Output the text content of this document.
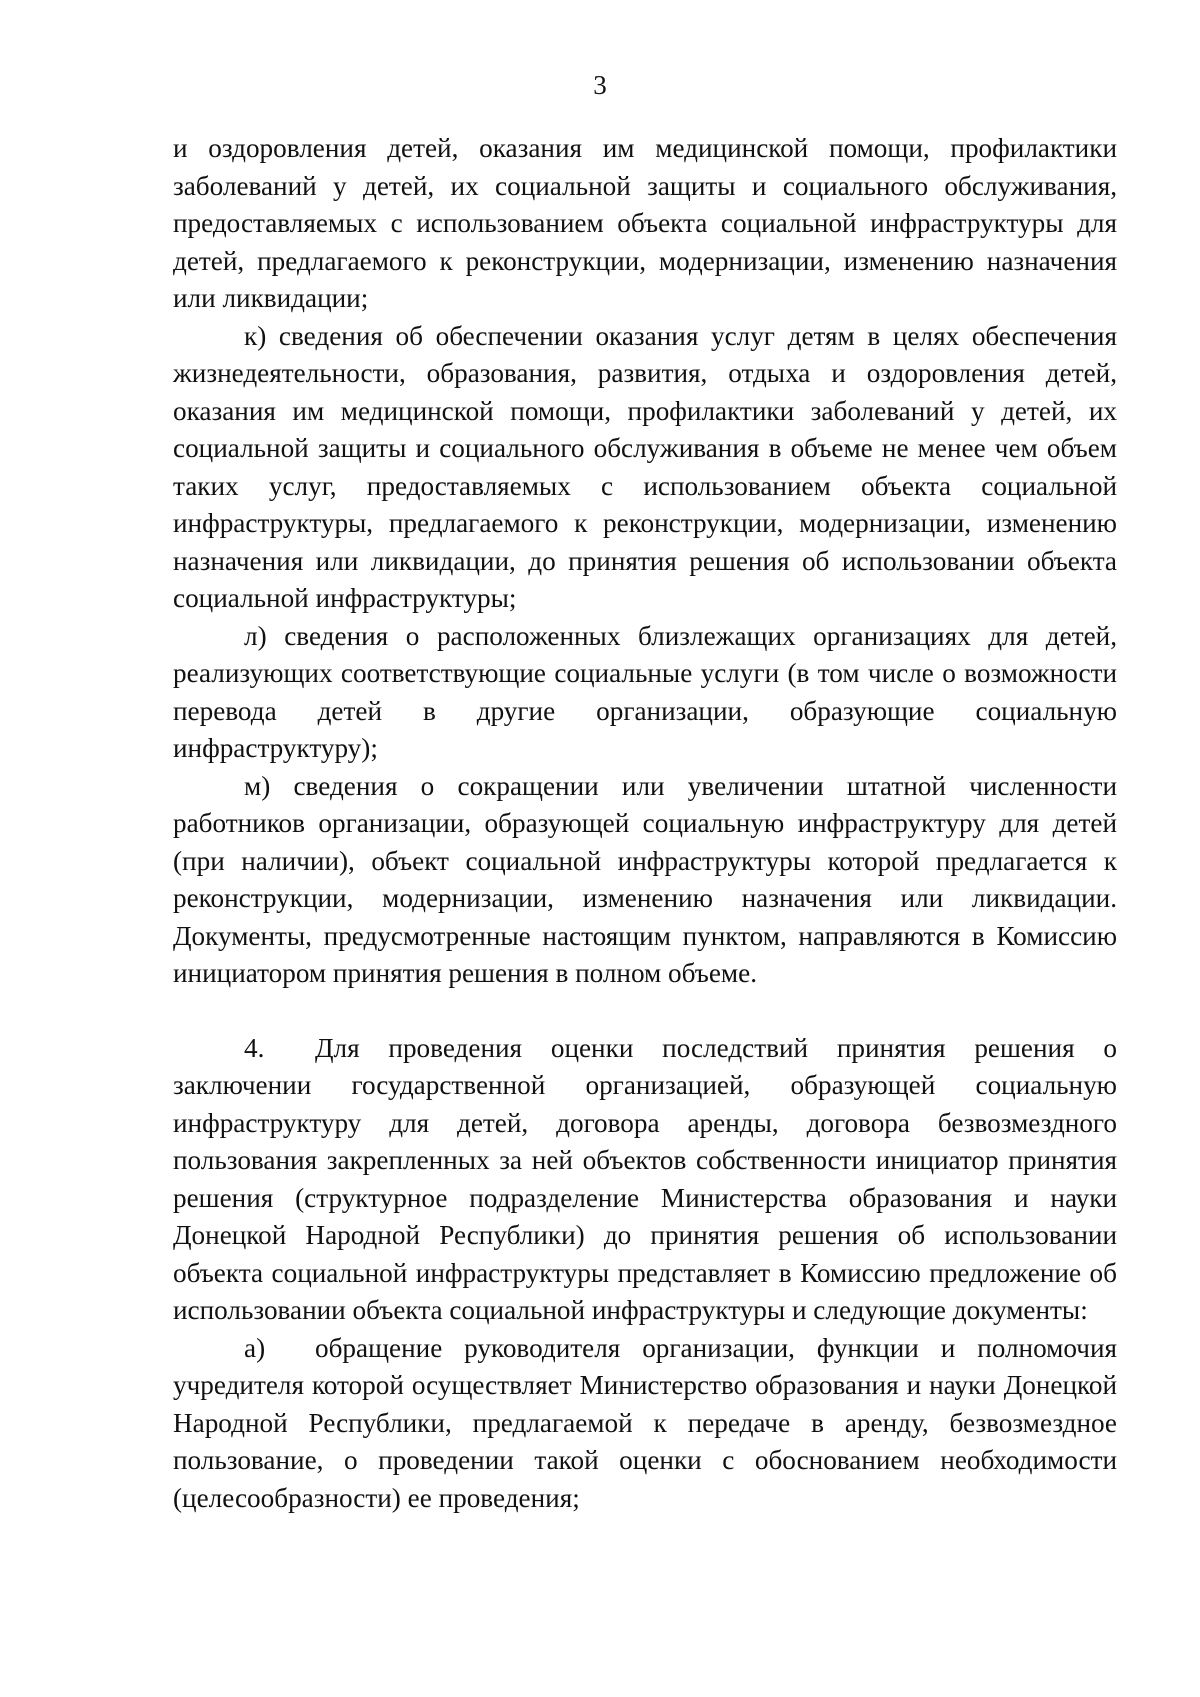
3

и оздоровления детей, оказания им медицинской помощи, профилактики заболеваний у детей, их социальной защиты и социального обслуживания, предоставляемых с использованием объекта социальной инфраструктуры для детей, предлагаемого к реконструкции, модернизации, изменению назначения или ликвидации;

к) сведения об обеспечении оказания услуг детям в целях обеспечения жизнедеятельности, образования, развития, отдыха и оздоровления детей, оказания им медицинской помощи, профилактики заболеваний у детей, их социальной защиты и социального обслуживания в объеме не менее чем объем таких услуг, предоставляемых с использованием объекта социальной инфраструктуры, предлагаемого к реконструкции, модернизации, изменению назначения или ликвидации, до принятия решения об использовании объекта социальной инфраструктуры;

л) сведения о расположенных близлежащих организациях для детей, реализующих соответствующие социальные услуги (в том числе о возможности перевода детей в другие организации, образующие социальную инфраструктуру);

м) сведения о сокращении или увеличении штатной численности работников организации, образующей социальную инфраструктуру для детей (при наличии), объект социальной инфраструктуры которой предлагается к реконструкции, модернизации, изменению назначения или ликвидации. Документы, предусмотренные настоящим пунктом, направляются в Комиссию инициатором принятия решения в полном объеме.

4. Для проведения оценки последствий принятия решения о заключении государственной организацией, образующей социальную инфраструктуру для детей, договора аренды, договора безвозмездного пользования закрепленных за ней объектов собственности инициатор принятия решения (структурное подразделение Министерства образования и науки Донецкой Народной Республики) до принятия решения об использовании объекта социальной инфраструктуры представляет в Комиссию предложение об использовании объекта социальной инфраструктуры и следующие документы:

а) обращение руководителя организации, функции и полномочия учредителя которой осуществляет Министерство образования и науки Донецкой Народной Республики, предлагаемой к передаче в аренду, безвозмездное пользование, о проведении такой оценки с обоснованием необходимости (целесообразности) ее проведения;
